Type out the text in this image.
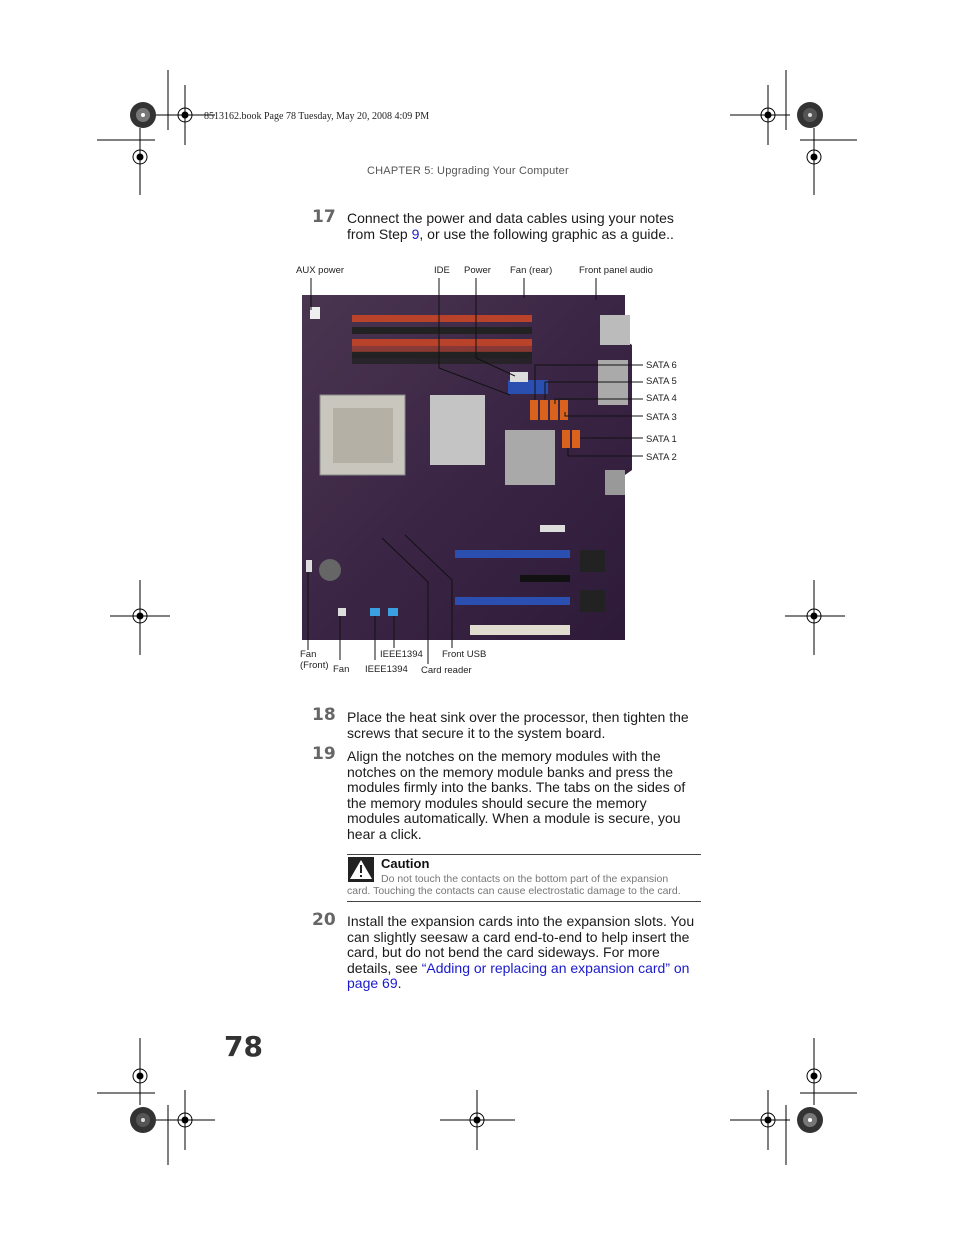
8513162.book Page 78 Tuesday, May 20, 2008 4:09 PM
CHAPTER 5: Upgrading Your Computer
17 Connect the power and data cables using your notes
from Step 9, or use the following graphic as a guide..
AUX power	IDE Power Fan (rear)	Front panel audio
SATA 6
SATA 5
SATA 4
SATA 3
SATA 1
SATA 2
Fan
(Front) Fan
IEEE1394
IEEE1394 Card reader
Front USB
18 Place the heat sink over the processor, then tighten the
screws that secure it to the system board.
19 Align the notches on the memory modules with the
notches on the memory module banks and press the
modules firmly into the banks. The tabs on the sides of
the memory modules should secure the memory
modules automatically. When a module is secure, you
hear a click.
Caution
Do not touch the contacts on the bottom part of the expansion
card. Touching the contacts can cause electrostatic damage to the card.
20 Install the expansion cards into the expansion slots. You
can slightly seesaw a card end-to-end to help insert the
card, but do not bend the card sideways. For more
details, see “Adding or replacing an expansion card” on
page 69.
78
